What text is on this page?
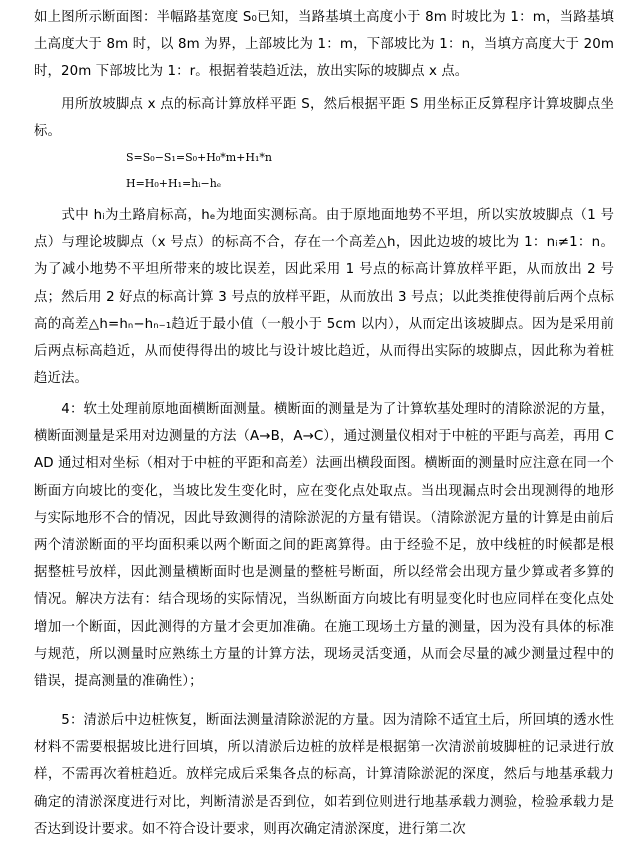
如上图所示断面图：半幅路基宽度 S₀已知，当路基填土高度小于 8m 时坡比为 1：m，当路基填土高度大于 8m 时，以 8m 为界，上部坡比为 1：m，下部坡比为 1：n，当填方高度大于 20m 时，20m 下部坡比为 1：r。根据着装趋近法，放出实际的坡脚点 x 点。

　　用所放坡脚点 x 点的标高计算放样平距 S，然后根据平距 S 用坐标正反算程序计算坡脚点坐标。

S=S₀−S₁=S₀+H₀*m+H₁*n

H=H₀+H₁=hᵢ−hₑ

　　式中 hᵢ为土路肩标高，hₑ为地面实测标高。由于原地面地势不平坦，所以实放坡脚点（1 号点）与理论坡脚点（x 号点）的标高不合，存在一个高差△h，因此边坡的坡比为 1：nᵢ≠1：n。为了减小地势不平坦所带来的坡比误差，因此采用 1 号点的标高计算放样平距，从而放出 2 号点；然后用 2 好点的标高计算 3 号点的放样平距，从而放出 3 号点；以此类推使得前后两个点标高的高差△h=hₙ−hₙ₋₁趋近于最小值（一般小于 5cm 以内），从而定出该坡脚点。因为是采用前后两点标高趋近，从而使得得出的坡比与设计坡比趋近，从而得出实际的坡脚点，因此称为着桩趋近法。

　　4：软土处理前原地面横断面测量。横断面的测量是为了计算软基处理时的清除淤泥的方量，横断面测量是采用对边测量的方法（A→B，A→C），通过测量仪相对于中桩的平距与高差，再用 CAD 通过相对坐标（相对于中桩的平距和高差）法画出横段面图。横断面的测量时应注意在同一个断面方向坡比的变化，当坡比发生变化时，应在变化点处取点。当出现漏点时会出现测得的地形与实际地形不合的情况，因此导致测得的清除淤泥的方量有错误。（清除淤泥方量的计算是由前后两个清淤断面的平均面积乘以两个断面之间的距离算得。由于经验不足，放中线桩的时候都是根据整桩号放样，因此测量横断面时也是测量的整桩号断面，所以经常会出现方量少算或者多算的情况。解决方法有：结合现场的实际情况，当纵断面方向坡比有明显变化时也应同样在变化点处增加一个断面，因此测得的方量才会更加准确。在施工现场土方量的测量，因为没有具体的标准与规范，所以测量时应熟练土方量的计算方法，现场灵活变通，从而会尽量的减少测量过程中的错误，提高测量的准确性）；

　　5：清淤后中边桩恢复，断面法测量清除淤泥的方量。因为清除不适宜土后，所回填的透水性材料不需要根据坡比进行回填，所以清淤后边桩的放样是根据第一次清淤前坡脚桩的记录进行放样，不需再次着桩趋近。放样完成后采集各点的标高，计算清除淤泥的深度，然后与地基承载力确定的清淤深度进行对比，判断清淤是否到位，如若到位则进行地基承载力测验，检验承载力是否达到设计要求。如不符合设计要求，则再次确定清淤深度，进行第二次
